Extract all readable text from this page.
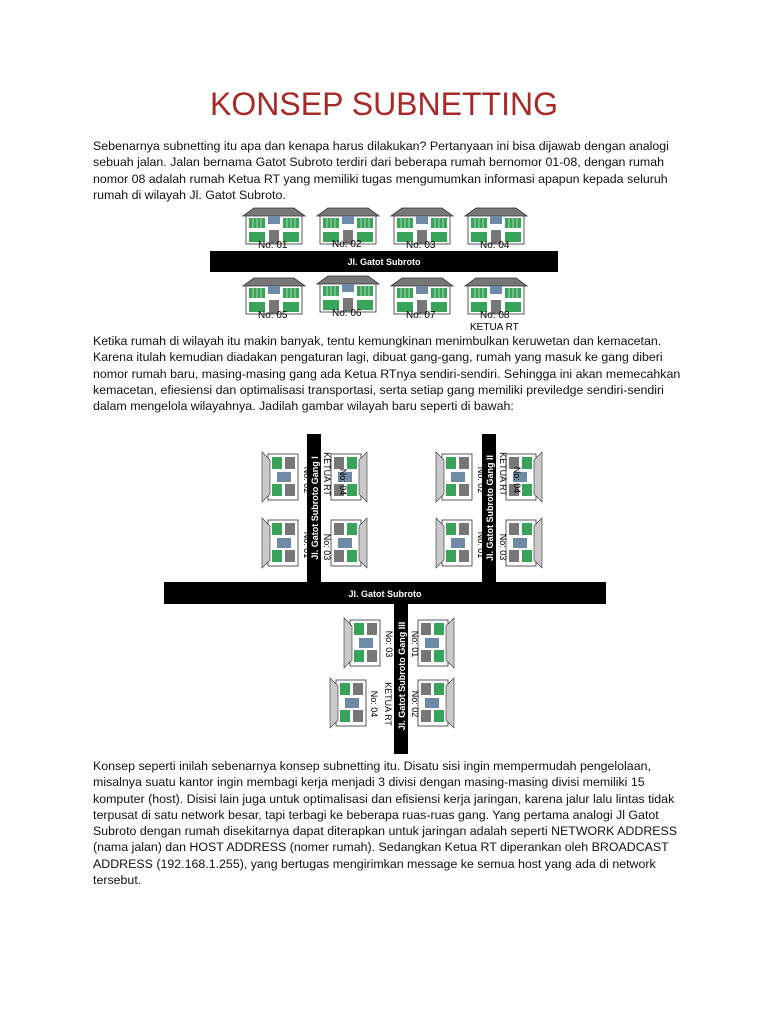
KONSEP SUBNETTING

Sebenarnya subnetting itu apa dan kenapa harus dilakukan? Pertanyaan ini bisa dijawab dengan analogi sebuah jalan. Jalan bernama Gatot Subroto terdiri dari beberapa rumah bernomor 01-08, dengan rumah nomor 08 adalah rumah Ketua RT yang memiliki tugas mengumumkan informasi apapun kepada seluruh rumah di wilayah Jl. Gatot Subroto.

No: 01	No: 02	No: 03	No: 04
Jl. Gatot Subroto
No: 05	No: 06	No: 07	No: 08
KETUA RT

Ketika rumah di wilayah itu makin banyak, tentu kemungkinan menimbulkan keruwetan dan kemacetan. Karena itulah kemudian diadakan pengaturan lagi, dibuat gang-gang, rumah yang masuk ke gang diberi nomor rumah baru, masing-masing gang ada Ketua RTnya sendiri-sendiri. Sehingga ini akan memecahkan kemacetan, efiesiensi dan optimalisasi transportasi, serta setiap gang memiliki previledge sendiri-sendiri dalam mengelola wilayahnya. Jadilah gambar wilayah baru seperti di bawah:

Jl. Gatot Subroto
Jl. Gatot Subroto Gang I
No: 02
No: 01
No: 04
KETUA RT
No: 03	Jl. Gatot Subroto Gang II
No: 02
No: 01
No: 04
KETUA RT
No: 03
Jl. Gatot Subroto Gang III
No: 03
No: 04 KETUA RT
No: 01
No: 02

Konsep seperti inilah sebenarnya konsep subnetting itu. Disatu sisi ingin mempermudah pengelolaan, misalnya suatu kantor ingin membagi kerja menjadi 3 divisi dengan masing-masing divisi memiliki 15 komputer (host). Disisi lain juga untuk optimalisasi dan efisiensi kerja jaringan, karena jalur lalu lintas tidak terpusat di satu network besar, tapi terbagi ke beberapa ruas-ruas gang. Yang pertama analogi Jl Gatot Subroto dengan rumah disekitarnya dapat diterapkan untuk jaringan adalah seperti NETWORK ADDRESS (nama jalan) dan HOST ADDRESS (nomer rumah). Sedangkan Ketua RT diperankan oleh BROADCAST ADDRESS (192.168.1.255), yang bertugas mengirimkan message ke semua host yang ada di network tersebut.
